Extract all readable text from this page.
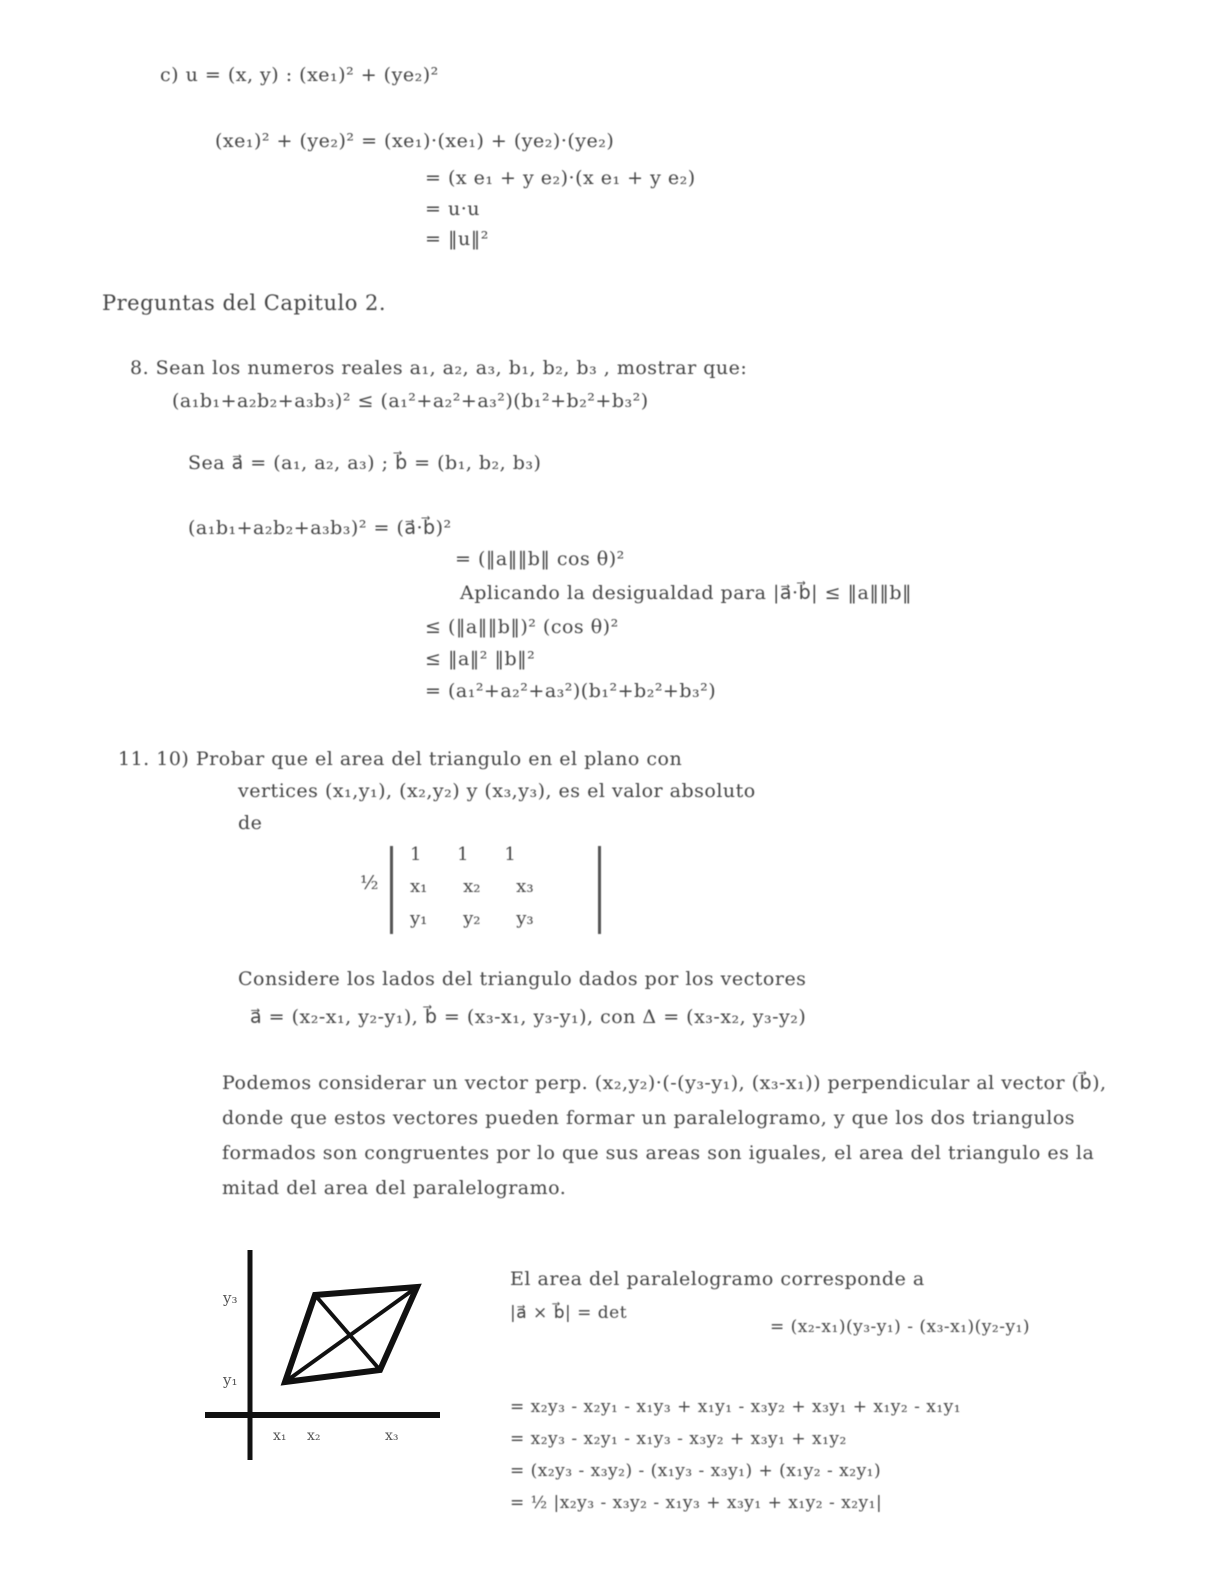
c) u = (x, y) : (xe₁)² + (ye₂)²
(xe₁)² + (ye₂)² = (xe₁)·(xe₁) + (ye₂)·(ye₂)
= (x e₁ + y e₂)·(x e₁ + y e₂)
= u·u
= ‖u‖²
Preguntas del Capitulo 2.
8. Sean los numeros reales a₁, a₂, a₃, b₁, b₂, b₃ , mostrar que:
(a₁b₁+a₂b₂+a₃b₃)² ≤ (a₁²+a₂²+a₃²)(b₁²+b₂²+b₃²)
Sea a⃗ = (a₁, a₂, a₃) ; b⃗ = (b₁, b₂, b₃)
(a₁b₁+a₂b₂+a₃b₃)² = (a⃗·b⃗)²
= (‖a‖‖b‖ cos θ)²
Aplicando la desigualdad para |a⃗·b⃗| ≤ ‖a‖‖b‖
≤ (‖a‖‖b‖)² (cos θ)²
≤ ‖a‖² ‖b‖²
= (a₁²+a₂²+a₃²)(b₁²+b₂²+b₃²)
11. 10) Probar que el area del triangulo en el plano con
vertices (x₁,y₁), (x₂,y₂) y (x₃,y₃), es el valor absoluto
de
½
1 1 1
x₁ x₂ x₃
y₁ y₂ y₃
Considere los lados del triangulo dados por los vectores
a⃗ = (x₂-x₁, y₂-y₁), b⃗ = (x₃-x₁, y₃-y₁), con Δ = (x₃-x₂, y₃-y₂)
Podemos considerar un vector perp. (x₂,y₂)·(-(y₃-y₁), (x₃-x₁)) perpendicular al vector (b⃗), donde que estos vectores pueden formar un paralelogramo, y que los dos triangulos formados son congruentes por lo que sus areas son iguales, el area del triangulo es la mitad del area del paralelogramo.
y₃
y₁
x₁ x₂	x₃
El area del paralelogramo corresponde a
|a⃗ × b⃗| = det
= (x₂-x₁)(y₃-y₁) - (x₃-x₁)(y₂-y₁)
= x₂y₃ - x₂y₁ - x₁y₃ + x₁y₁ - x₃y₂ + x₃y₁ + x₁y₂ - x₁y₁
= x₂y₃ - x₂y₁ - x₁y₃ - x₃y₂ + x₃y₁ + x₁y₂
= (x₂y₃ - x₃y₂) - (x₁y₃ - x₃y₁) + (x₁y₂ - x₂y₁)
= ½ |x₂y₃ - x₃y₂ - x₁y₃ + x₃y₁ + x₁y₂ - x₂y₁|
